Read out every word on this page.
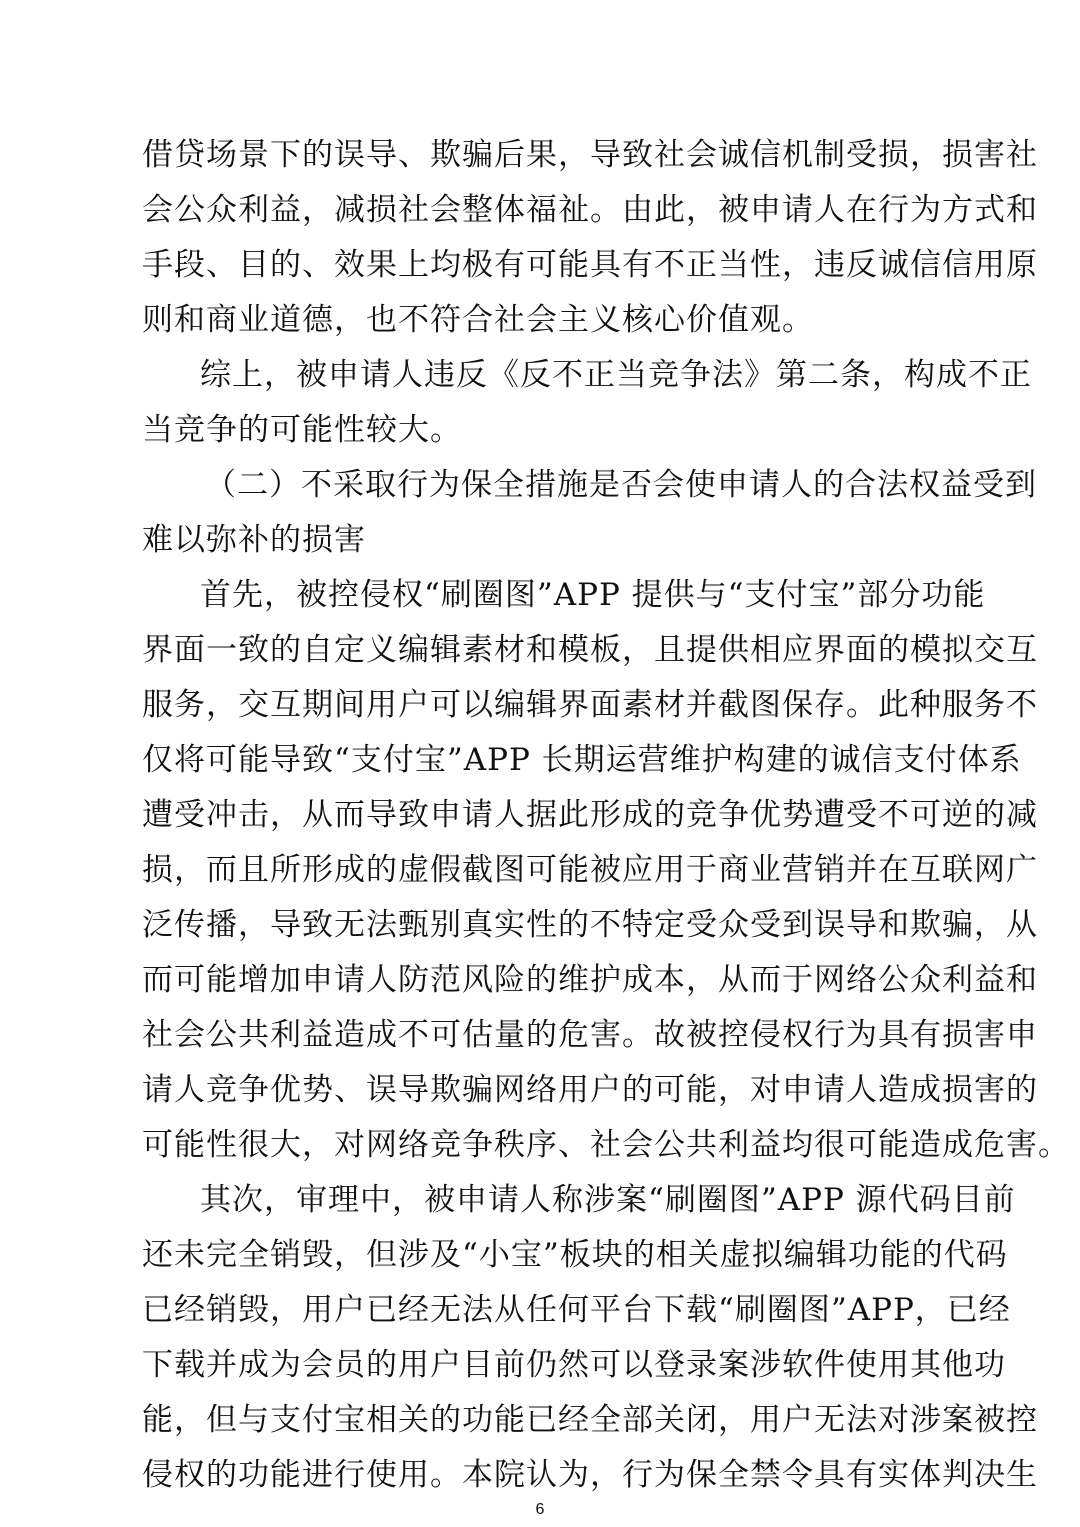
借贷场景下的误导、欺骗后果，导致社会诚信机制受损，损害社
会公众利益，减损社会整体福祉。由此，被申请人在行为方式和
手段、目的、效果上均极有可能具有不正当性，违反诚信信用原
则和商业道德，也不符合社会主义核心价值观。
综上，被申请人违反《反不正当竞争法》第二条，构成不正
当竞争的可能性较大。
（二）不采取行为保全措施是否会使申请人的合法权益受到
难以弥补的损害
首先，被控侵权“刷圈图”APP 提供与“支付宝”部分功能
界面一致的自定义编辑素材和模板，且提供相应界面的模拟交互
服务，交互期间用户可以编辑界面素材并截图保存。此种服务不
仅将可能导致“支付宝”APP 长期运营维护构建的诚信支付体系
遭受冲击，从而导致申请人据此形成的竞争优势遭受不可逆的减
损，而且所形成的虚假截图可能被应用于商业营销并在互联网广
泛传播，导致无法甄别真实性的不特定受众受到误导和欺骗，从
而可能增加申请人防范风险的维护成本，从而于网络公众利益和
社会公共利益造成不可估量的危害。故被控侵权行为具有损害申
请人竞争优势、误导欺骗网络用户的可能，对申请人造成损害的
可能性很大，对网络竞争秩序、社会公共利益均很可能造成危害。
其次，审理中，被申请人称涉案“刷圈图”APP 源代码目前
还未完全销毁，但涉及“小宝”板块的相关虚拟编辑功能的代码
已经销毁，用户已经无法从任何平台下载“刷圈图”APP，已经
下载并成为会员的用户目前仍然可以登录案涉软件使用其他功
能，但与支付宝相关的功能已经全部关闭，用户无法对涉案被控
侵权的功能进行使用。本院认为，行为保全禁令具有实体判决生
6
